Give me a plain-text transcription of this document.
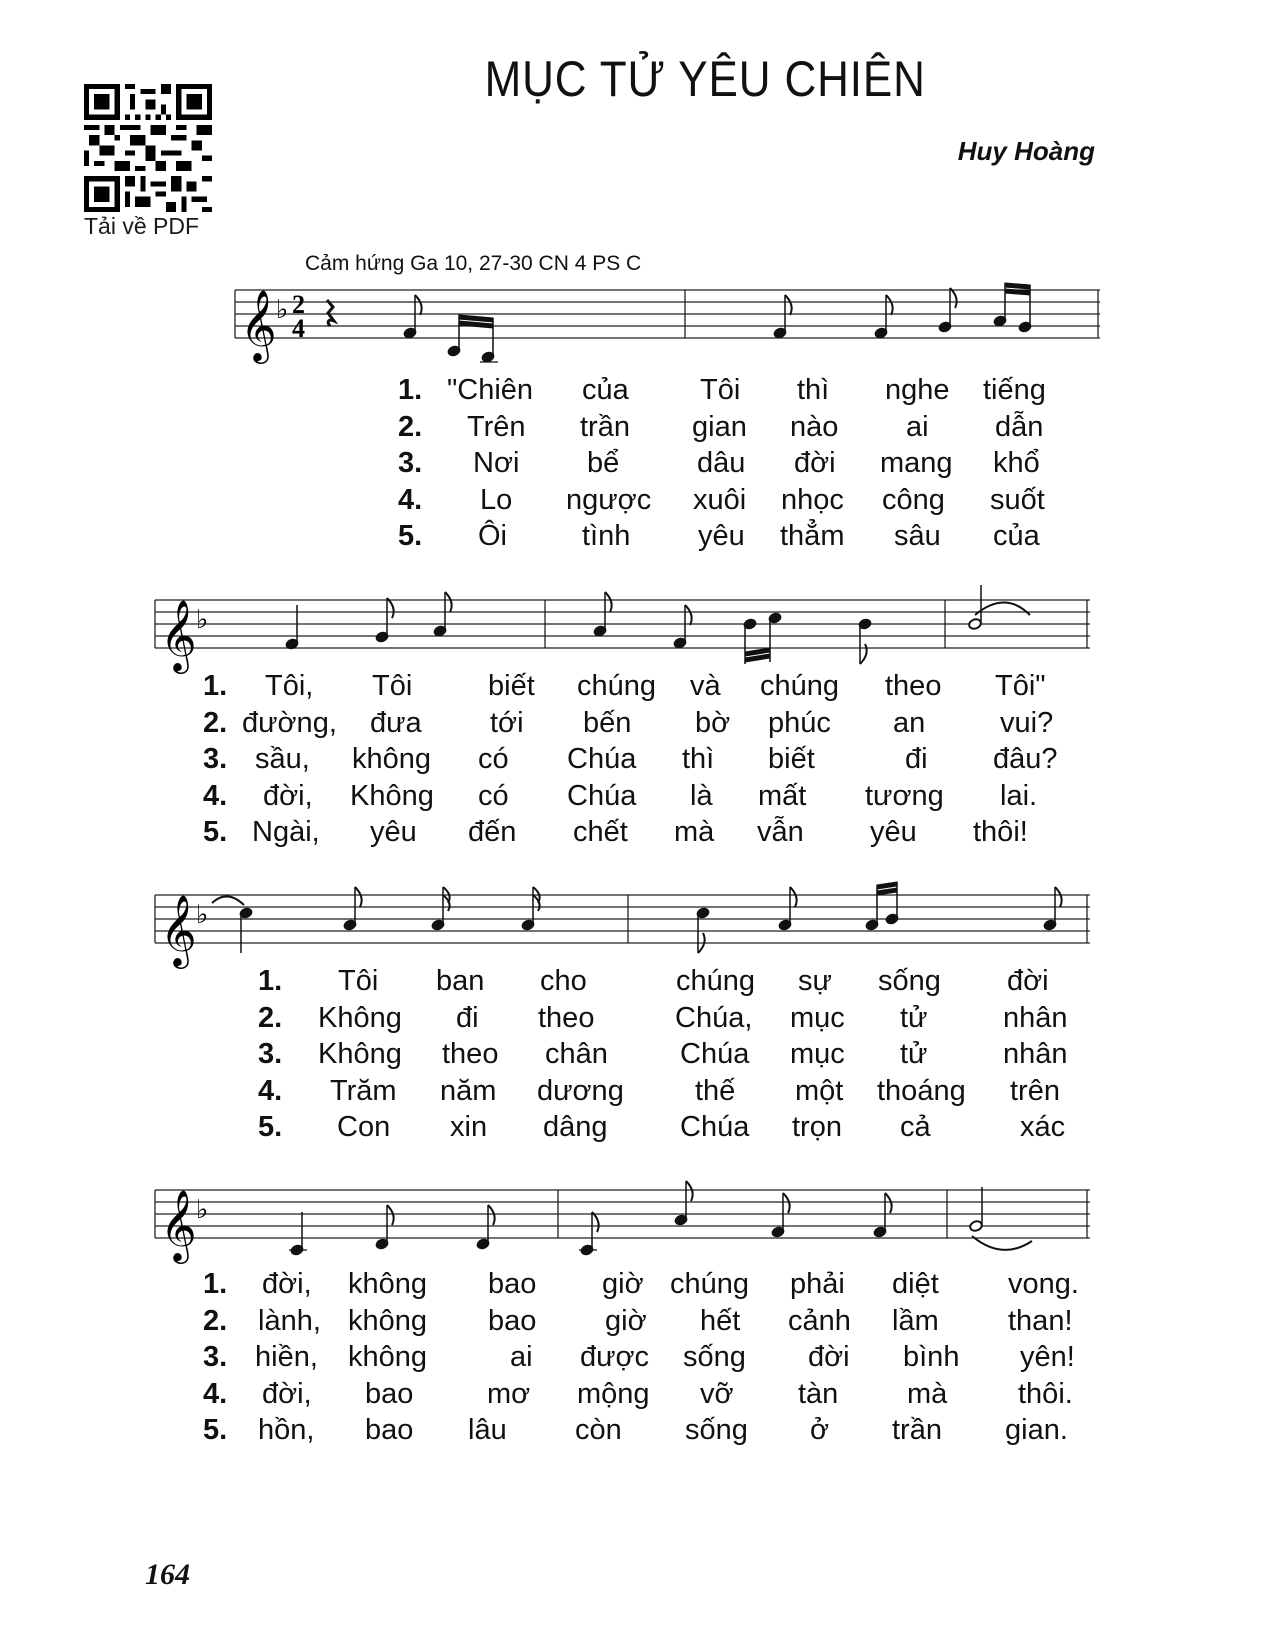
Tải về PDF
MỤC TỬ YÊU CHIÊN
Huy Hoàng
Cảm hứng Ga 10, 27-30 CN 4 PS C
𝄞 ♭ 2
4
1. "Chiên của Tôi thì nghe tiếng
2. Trên trần gian nào ai dẫn
3. Nơi bể	dâu đời mang khổ
4. Lo ngược xuôi nhọc công suốt
5. Ôi	tình yêu thẳm sâu của
𝄞 ♭
1. Tôi, Tôi	biết chúng và chúng theo Tôi"
2. đường, đưa tới bến bờ phúc an	vui?
3. sầu, không có Chúa thì biết	đi đâu?
4. đời, Không có Chúa là mất tương lai.
5. Ngài, yêu đến chết mà vẫn yêu thôi!
𝄞 ♭
1. Tôi ban cho	chúng sự sống đời
2. Không đi theo	Chúa, mục tử	nhân
3. Không theo chân Chúa mục tử	nhân
4. Trăm năm dương thế một thoáng trên
5. Con xin dâng Chúa trọn cả	xác
𝄞 ♭
1. đời, không bao giờ chúng phải diệt vong.
2. lành, không bao giờ hết cảnh lầm than!
3. hiền, không	ai được sống đời bình yên!
4. đời, bao	mơ mộng vỡ tàn mà thôi.
5. hồn, bao lâu còn sống ở trần gian.
164
